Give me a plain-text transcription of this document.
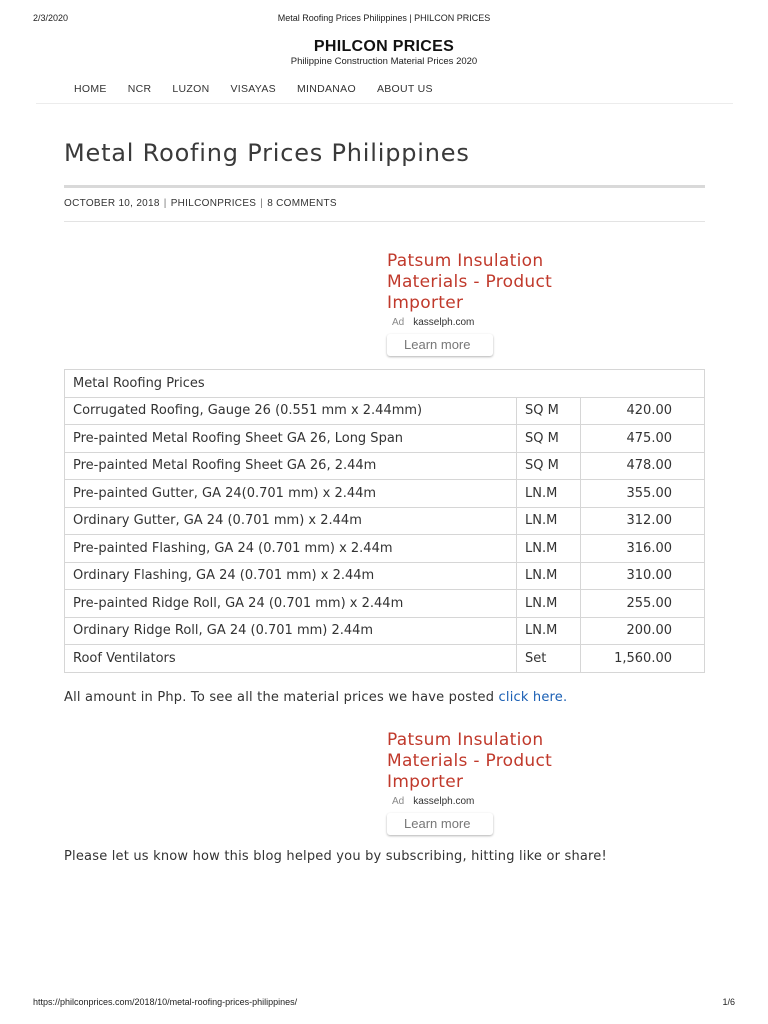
2/3/2020	Metal Roofing Prices Philippines | PHILCON PRICES
PHILCON PRICES
Philippine Construction Material Prices 2020
HOME NCR LUZON VISAYAS MINDANAO ABOUT US
Metal Roofing Prices Philippines
OCTOBER 10, 2018 | PHILCONPRICES | 8 COMMENTS
Patsum Insulation
Materials - Product
Importer
Ad kasselph.com
Learn more
Metal Roofing Prices		
Corrugated Roofing, Gauge 26 (0.551 mm x 2.44mm)	SQ M	420.00
Pre-painted Metal Roofing Sheet GA 26, Long Span	SQ M	475.00
Pre-painted Metal Roofing Sheet GA 26, 2.44m	SQ M	478.00
Pre-painted Gutter, GA 24(0.701 mm) x 2.44m	LN.M	355.00
Ordinary Gutter, GA 24 (0.701 mm) x 2.44m	LN.M	312.00
Pre-painted Flashing, GA 24 (0.701 mm) x 2.44m	LN.M	316.00
Ordinary Flashing, GA 24 (0.701 mm) x 2.44m	LN.M	310.00
Pre-painted Ridge Roll, GA 24 (0.701 mm) x 2.44m	LN.M	255.00
Ordinary Ridge Roll, GA 24 (0.701 mm) 2.44m	LN.M	200.00
Roof Ventilators	Set	1,560.00

All amount in Php. To see all the material prices we have posted click here.

Patsum Insulation
Materials - Product
Importer
Ad kasselph.com
Learn more

Please let us know how this blog helped you by subscribing, hitting like or share!

https://philconprices.com/2018/10/metal-roofing-prices-philippines/	1/6
